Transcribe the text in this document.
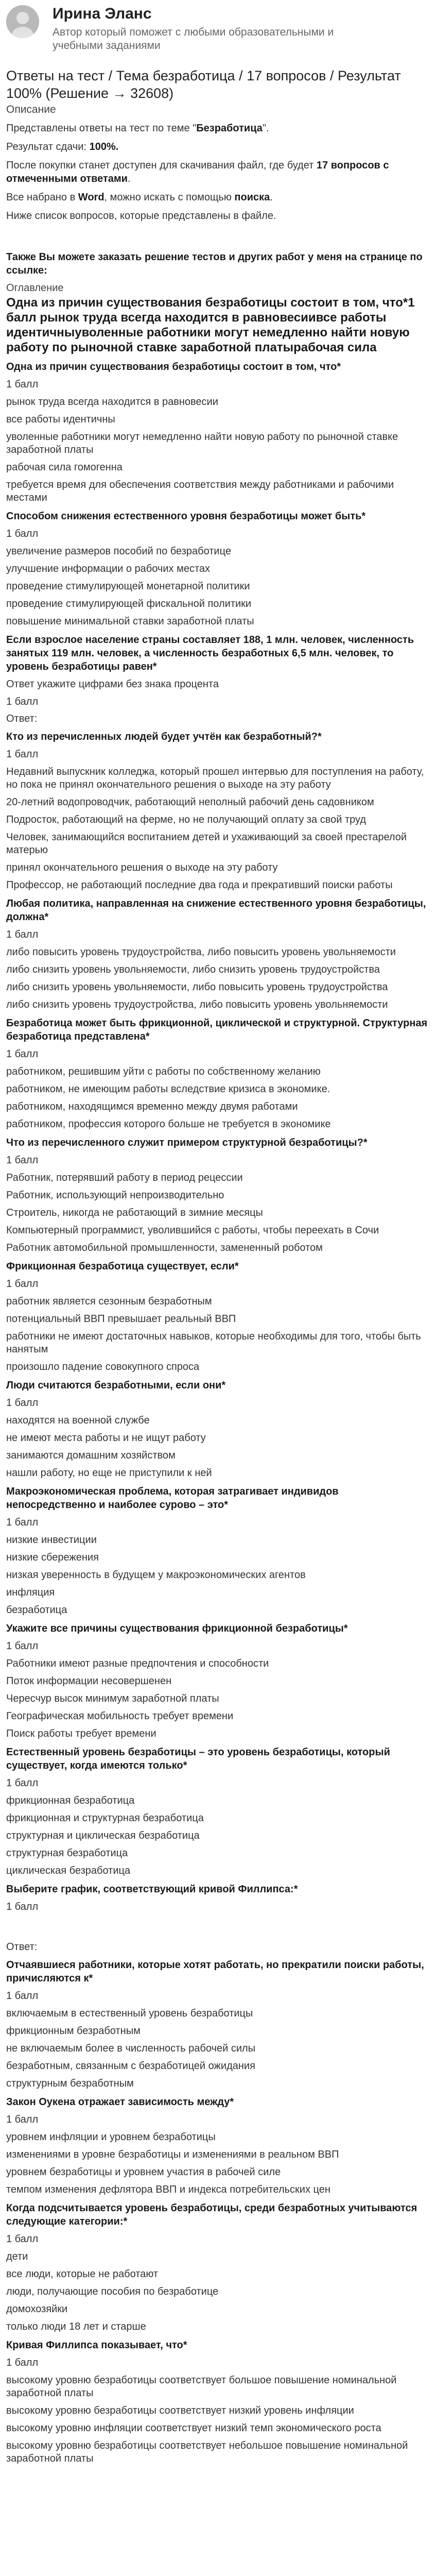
Ирина Эланс
Автор который поможет с любыми образовательными и учебными заданиями
Ответы на тест / Тема безработица / 17 вопросов / Результат 100% (Решение → 32608)
Описание

Представлены ответы на тест по теме "Безработица".

Результат сдачи: 100%.

После покупки станет доступен для скачивания файл, где будет 17 вопросов с отмеченными ответами.

Все набрано в Word, можно искать с помощью поиска.

Ниже список вопросов, которые представлены в файле.

Также Вы можете заказать решение тестов и других работ у меня на странице по ссылке:
Оглавление
Одна из причин существования безработицы состоит в том, что*1 балл рынок труда всегда находится в равновесиивсе работы идентичныуволенные работники могут немедленно найти новую работу по рыночной ставке заработной платырабочая сила
Одна из причин существования безработицы состоит в том, что*
1 балл
рынок труда всегда находится в равновесии
все работы идентичны
уволенные работники могут немедленно найти новую работу по рыночной ставке заработной платы
рабочая сила гомогенна
требуется время для обеспечения соответствия между работниками и рабочими местами
Способом снижения естественного уровня безработицы может быть*
1 балл
увеличение размеров пособий по безработице
улучшение информации о рабочих местах
проведение стимулирующей монетарной политики
проведение стимулирующей фискальной политики
повышение минимальной ставки заработной платы
Если взрослое население страны составляет 188, 1 млн. человек, численность занятых 119 млн. человек, а численность безработных 6,5 млн. человек, то уровень безработицы равен*
Ответ укажите цифрами без знака процента
1 балл
Ответ:
Кто из перечисленных людей будет учтён как безработный?*
1 балл
Недавний выпускник колледжа, который прошел интервью для поступления на работу, но пока не принял окончательного решения о выходе на эту работу
20-летний водопроводчик, работающий неполный рабочий день садовником
Подросток, работающий на ферме, но не получающий оплату за свой труд
Человек, занимающийся воспитанием детей и ухаживающий за своей престарелой матерью
принял окончательного решения о выходе на эту работу
Профессор, не работающий последние два года и прекративший поиски работы
Любая политика, направленная на снижение естественного уровня безработицы, должна*
1 балл
либо повысить уровень трудоустройства, либо повысить уровень увольняемости
либо снизить уровень увольняемости, либо снизить уровень трудоустройства
либо снизить уровень увольняемости, либо повысить уровень трудоустройства
либо снизить уровень трудоустройства, либо повысить уровень увольняемости
Безработица может быть фрикционной, циклической и структурной. Структурная безработица представлена*
1 балл
работником, решившим уйти с работы по собственному желанию
работником, не имеющим работы вследствие кризиса в экономике.
работником, находящимся временно между двумя работами
работником, профессия которого больше не требуется в экономике
Что из перечисленного служит примером структурной безработицы?*
1 балл
Работник, потерявший работу в период рецессии
Работник, использующий непроизводительно
Строитель, никогда не работающий в зимние месяцы
Компьютерный программист, уволившийся с работы, чтобы переехать в Сочи
Работник автомобильной промышленности, замененный роботом
Фрикционная безработица существует, если*
1 балл
работник является сезонным безработным
потенциальный ВВП превышает реальный ВВП
работники не имеют достаточных навыков, которые необходимы для того, чтобы быть нанятым
произошло падение совокупного спроса
Люди считаются безработными, если они*
1 балл
находятся на военной службе
не имеют места работы и не ищут работу
занимаются домашним хозяйством
нашли работу, но еще не приступили к ней
Макроэкономическая проблема, которая затрагивает индивидов непосредственно и наиболее сурово – это*
1 балл
низкие инвестиции
низкие сбережения
низкая уверенность в будущем у макроэкономических агентов
инфляция
безработица
Укажите все причины существования фрикционной безработицы*
1 балл
Работники имеют разные предпочтения и способности
Поток информации несовершенен
Чересчур высок минимум заработной платы
Географическая мобильность требует времени
Поиск работы требует времени
Естественный уровень безработицы – это уровень безработицы, который существует, когда имеются только*
1 балл
фрикционная безработица
фрикционная и структурная безработица
структурная и циклическая безработица
структурная безработица
циклическая безработица
Выберите график, соответствующий кривой Филлипса:*
1 балл
Ответ:
Отчаявшиеся работники, которые хотят работать, но прекратили поиски работы, причисляются к*
1 балл
включаемым в естественный уровень безработицы
фрикционным безработным
не включаемым более в численность рабочей силы
безработным, связанным с безработицей ожидания
структурным безработным
Закон Оукена отражает зависимость между*
1 балл
уровнем инфляции и уровнем безработицы
изменениями в уровне безработицы и изменениями в реальном ВВП
уровнем безработицы и уровнем участия в рабочей силе
темпом изменения дефлятора ВВП и индекса потребительских цен
Когда подсчитывается уровень безработицы, среди безработных учитываются следующие категории:*
1 балл
дети
все люди, которые не работают
люди, получающие пособия по безработице
домохозяйки
только люди 18 лет и старше
Кривая Филлипса показывает, что*
1 балл
высокому уровню безработицы соответствует большое повышение номинальной заработной платы
высокому уровню безработицы соответствует низкий уровень инфляции
высокому уровню инфляции соответствует низкий темп экономического роста
высокому уровню безработицы соответствует небольшое повышение номинальной заработной платы
